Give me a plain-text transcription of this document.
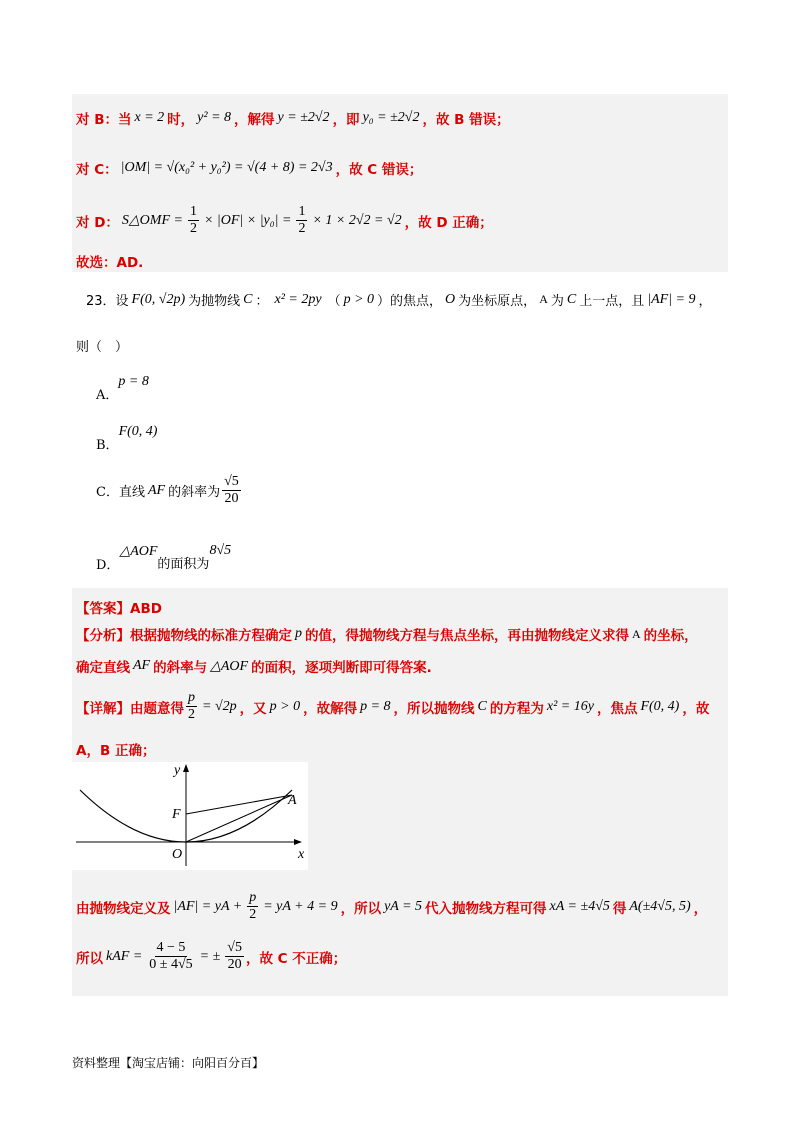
对 B：当 x = 2 时， y² = 8 ，解得 y = ±2√2 ，即 y₀ = ±2√2 ，故 B 错误；
对 C： |OM| = √(x₀² + y₀²) = √(4 + 8) = 2√3 ，故 C 错误；
对 D： S△OMF = $\frac{1}{2} \times |OF| \times |y_0| = \frac{1}{2} \times 1 \times 2√2 = √2$ ，故 D 正确；
故选：AD.
23．设 F(0, √2p) 为抛物线 C ： x² = 2py （ p > 0 ）的焦点， O 为坐标原点， A 为 C 上一点，且 |AF| = 9 ，
则（　）
A．
p = 8
B．
F(0, 4)
C． 直线 AF 的斜率为 $\frac{√5}{20}$
D．
△AOF
的面积为
8√5
【答案】ABD
【分析】根据抛物线的标准方程确定 p 的值，得抛物线方程与焦点坐标，再由抛物线定义求得 A 的坐标，
确定直线 AF 的斜率与 △AOF 的面积，逐项判断即可得答案.
【详解】由题意得 $\frac{p}{2} = √2p$ ，又 p > 0 ，故解得 p = 8 ，所以抛物线 C 的方程为 x² = 16y ，焦点 F(0, 4) ，故
A，B 正确；
y
x
F
O
A
由抛物线定义及 |AF| = yA + $\frac{p}{2}$ = yA + 4 = 9 ，所以 yA = 5 代入抛物线方程可得 xA = ±4√5 得 A(±4√5, 5) ，
所以 kAF = $\frac{4 - 5}{0 \pm 4√5}$ = ± $\frac{√5}{20}$ ，故 C 不正确；
资料整理【淘宝店铺：向阳百分百】
